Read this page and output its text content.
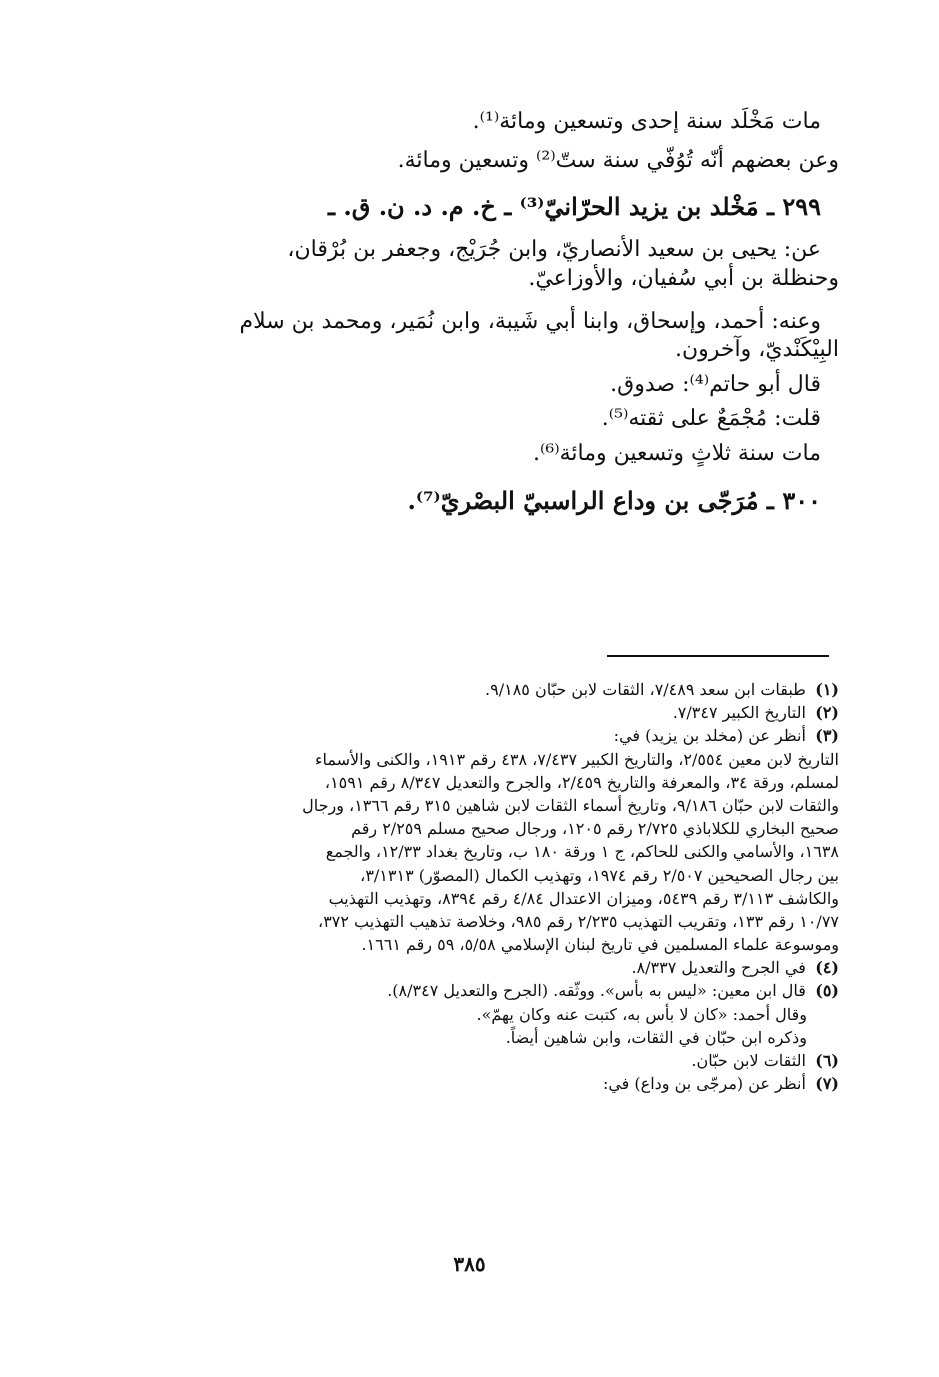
مات مَخْلَد سنة إحدى وتسعين ومائة⁽¹⁾.
وعن بعضهم أنّه تُوُفّي سنة ستّ⁽²⁾ وتسعين ومائة.
٢٩٩ ـ مَخْلد بن يزيد الحرّانيّ⁽³⁾ ـ خ. م. د. ن. ق. ـ
عن: يحيى بن سعيد الأنصاريّ، وابن جُرَيْج، وجعفر بن بُرْقان،
وحنظلة بن أبي سُفيان، والأوزاعيّ.
وعنه: أحمد، وإسحاق، وابنا أبي شَيبة، وابن نُمَير، ومحمد بن سلام
البِيْكَنْديّ، وآخرون.
قال أبو حاتم⁽⁴⁾: صدوق.
قلت: مُجْمَعٌ على ثقته⁽⁵⁾.
مات سنة ثلاثٍ وتسعين ومائة⁽⁶⁾.
٣٠٠ ـ مُرَجّى بن وداع الراسبيّ البصْريّ⁽⁷⁾.
(١) طبقات ابن سعد ٧/٤٨٩، الثقات لابن حبّان ٩/١٨٥.
(٢) التاريخ الكبير ٧/٣٤٧.
(٣) أنظر عن (مخلد بن يزيد) في:
التاريخ لابن معين ٢/٥٥٤، والتاريخ الكبير ٧/٤٣٧، ٤٣٨ رقم ١٩١٣، والكنى والأسماء
لمسلم، ورقة ٣٤، والمعرفة والتاريخ ٢/٤٥٩، والجرح والتعديل ٨/٣٤٧ رقم ١٥٩١،
والثقات لابن حبّان ٩/١٨٦، وتاريخ أسماء الثقات لابن شاهين ٣١٥ رقم ١٣٦٦، ورجال
صحيح البخاري للكلاباذي ٢/٧٢٥ رقم ١٢٠٥، ورجال صحيح مسلم ٢/٢٥٩ رقم
١٦٣٨، والأسامي والكنى للحاكم، ج ١ ورقة ١٨٠ ب، وتاريخ بغداد ١٢/٣٣، والجمع
بين رجال الصحيحين ٢/٥٠٧ رقم ١٩٧٤، وتهذيب الكمال (المصوّر) ٣/١٣١٣،
والكاشف ٣/١١٣ رقم ٥٤٣٩، وميزان الاعتدال ٤/٨٤ رقم ٨٣٩٤، وتهذيب التهذيب
١٠/٧٧ رقم ١٣٣، وتقريب التهذيب ٢/٢٣٥ رقم ٩٨٥، وخلاصة تذهيب التهذيب ٣٧٢،
وموسوعة علماء المسلمين في تاريخ لبنان الإسلامي ٥/٥٨، ٥٩ رقم ١٦٦١.
(٤) في الجرح والتعديل ٨/٣٣٧.
(٥) قال ابن معين: «ليس به بأس». ووثّقه. (الجرح والتعديل ٨/٣٤٧).
وقال أحمد: «كان لا بأس به، كتبت عنه وكان يهمّ».
وذكره ابن حبّان في الثقات، وابن شاهين أيضاً.
(٦) الثقات لابن حبّان.
(٧) أنظر عن (مرجّى بن وداع) في:
٣٨٥
